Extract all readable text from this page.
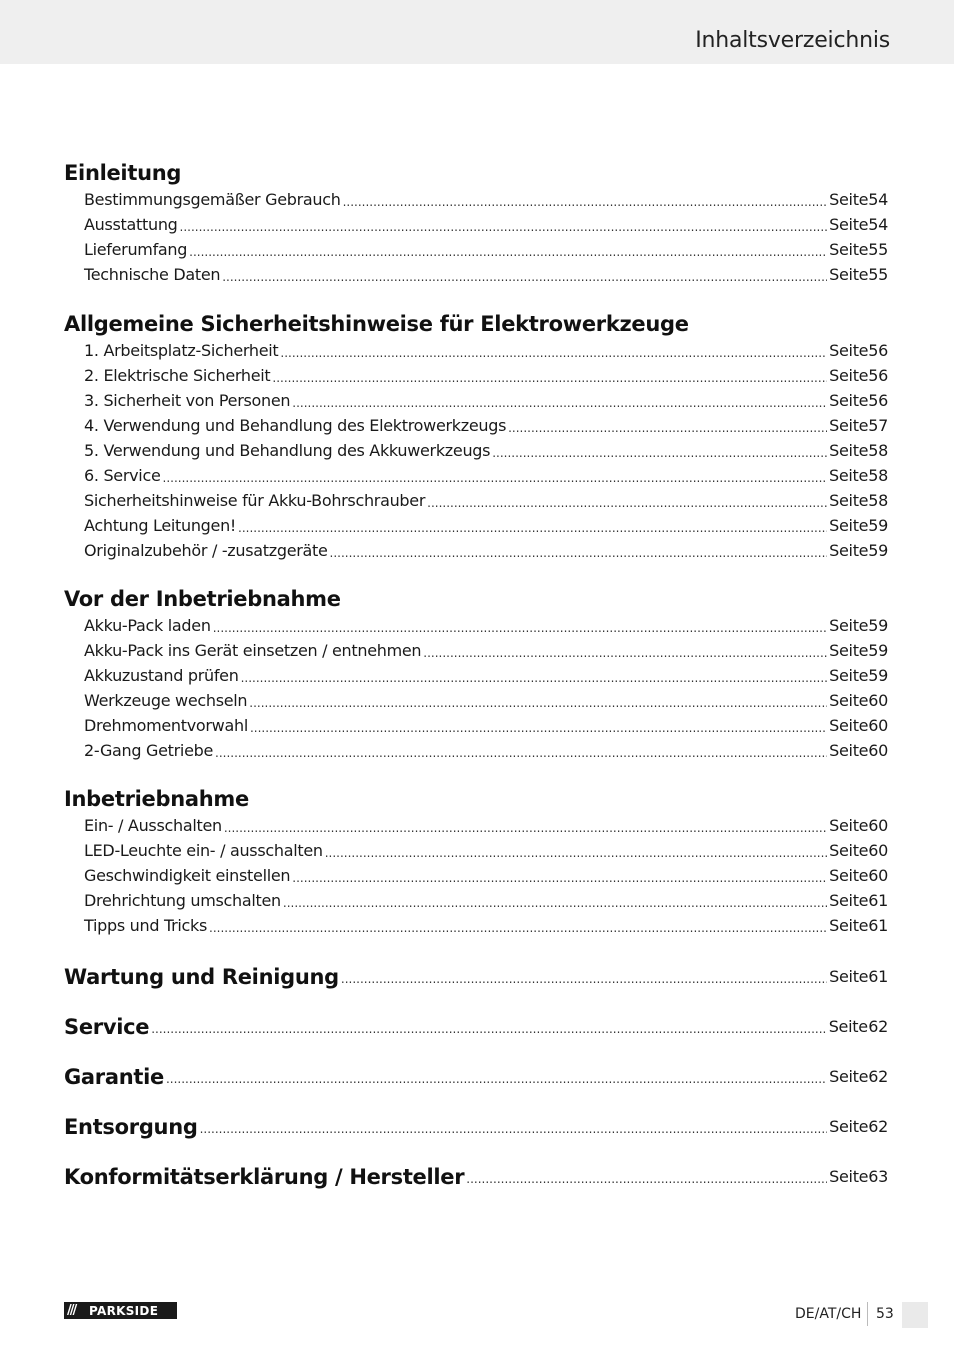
Inhaltsverzeichnis
Einleitung
Bestimmungsgemäßer Gebrauch .....	Seite 54
Ausstattung .....	Seite 54
Lieferumfang .....	Seite 55
Technische Daten .....	Seite 55
Allgemeine Sicherheitshinweise für Elektrowerkzeuge
1. Arbeitsplatz-Sicherheit .....	Seite 56
2. Elektrische Sicherheit .....	Seite 56
3. Sicherheit von Personen .....	Seite 56
4. Verwendung und Behandlung des Elektrowerkzeugs .....	Seite 57
5. Verwendung und Behandlung des Akkuwerkzeugs .....	Seite 58
6. Service .....	Seite 58
Sicherheitshinweise für Akku-Bohrschrauber .....	Seite 58
Achtung Leitungen! .....	Seite 59
Originalzubehör / -zusatzgeräte .....	Seite 59
Vor der Inbetriebnahme
Akku-Pack laden .....	Seite 59
Akku-Pack ins Gerät einsetzen / entnehmen .....	Seite 59
Akkuzustand prüfen .....	Seite 59
Werkzeuge wechseln .....	Seite 60
Drehmomentvorwahl .....	Seite 60
2-Gang Getriebe .....	Seite 60
Inbetriebnahme
Ein- / Ausschalten .....	Seite 60
LED-Leuchte ein- / ausschalten .....	Seite 60
Geschwindigkeit einstellen .....	Seite 60
Drehrichtung umschalten .....	Seite 61
Tipps und Tricks .....	Seite 61
Wartung und Reinigung .....	Seite 61
Service .....	Seite 62
Garantie .....	Seite 62
Entsorgung .....	Seite 62
Konformitätserklärung / Hersteller .....	Seite 63
///	PARKSIDE	DE/AT/CH 53
